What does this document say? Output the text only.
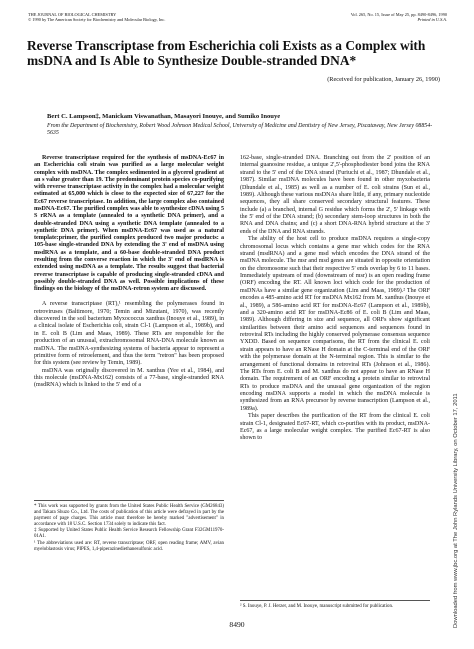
THE JOURNAL OF BIOLOGICAL CHEMISTRY
© 1990 by The American Society for Biochemistry and Molecular Biology, Inc.
Vol. 265, No. 15, Issue of May 25, pp. 8490-8496, 1990
Printed in U.S.A.
Reverse Transcriptase from Escherichia coli Exists as a Complex with msDNA and Is Able to Synthesize Double-stranded DNA*
(Received for publication, January 26, 1990)
Bert C. Lampson‡, Manickam Viswanathan, Masayori Inouye, and Sumiko Inouye
From the Department of Biochemistry, Robert Wood Johnson Medical School, University of Medicine and Dentistry of New Jersey, Piscataway, New Jersey 08854-5635

Reverse transcriptase required for the synthesis of msDNA-Ec67 in an Escherichia coli strain was purified as a large molecular weight complex with msDNA. The complex sedimented in a glycerol gradient at an s value greater than 19. The predominant protein species co-purifying with reverse transcriptase activity in the complex had a molecular weight estimated at 65,000 which is close to the expected size of 67,227 for the Ec67 reverse transcriptase. In addition, the large complex also contained msDNA-Ec67. The purified complex was able to synthesize cDNA using 5 S rRNA as a template (annealed to a synthetic DNA primer), and a double-stranded DNA using a synthetic DNA template (annealed to a synthetic DNA primer). When msDNA-Ec67 was used as a natural template:primer, the purified complex produced two major products: a 105-base single-stranded DNA by extending the 3' end of msDNA using msdRNA as a template, and a 60-base double-stranded DNA product resulting from the converse reaction in which the 3' end of msdRNA is extended using msDNA as a template. The results suggest that bacterial reverse transcriptase is capable of producing single-stranded cDNA and possibly double-stranded DNA as well. Possible implications of these findings on the biology of the msDNA-retron system are discussed.

A reverse transcriptase (RT),¹ resembling the polymerases found in retroviruses (Baltimore, 1970; Temin and Mizutani, 1970), was recently discovered in the soil bacterium Myxococcus xanthus (Inouye et al., 1989), in a clinical isolate of Escherichia coli, strain Cl-1 (Lampson et al., 1989b), and in E. coli B (Lim and Maas, 1989). These RTs are responsible for the production of an unusual, extrachromosomal RNA-DNA molecule known as msDNA. The msDNA-synthesizing systems of bacteria appear to represent a primitive form of retroelement, and thus the term "retron" has been proposed for this system (see review by Temin, 1989).

msDNA was originally discovered in M. xanthus (Yee et al., 1984), and this molecule (msDNA-Mx162) consists of a 77-base, single-stranded RNA (msdRNA) which is linked to the 5' end of a

* This work was supported by grants from the United States Public Health Service (GM26843) and Takara Shuzo Co., Ltd. The costs of publication of this article were defrayed in part by the payment of page charges. This article must therefore be hereby marked "advertisement" in accordance with 18 U.S.C. Section 1734 solely to indicate this fact.
‡ Supported by United States Public Health Service Research Fellowship Grant F32GM11970-01A1.
¹ The abbreviations used are: RT, reverse transcriptase; ORF, open reading frame; AMV, avian myeloblastosis virus; PIPES, 1,4-piperazinediethanesulfonic acid.

162-base, single-stranded DNA. Branching out from the 2' position of an internal guanosine residue, a unique 2',5'-phosphodiester bond joins the RNA strand to the 5' end of the DNA strand (Furiuchi et al., 1987; Dhundale et al., 1987). Similar msDNA molecules have been found in other myxobacteria (Dhundale et al., 1985) as well as a number of E. coli strains (Sun et al., 1989). Although these various msDNAs share little, if any, primary nucleotide sequences, they all share conserved secondary structural features. These include (a) a branched, internal G residue which forms the 2', 5' linkage with the 5' end of the DNA strand; (b) secondary stem-loop structures in both the RNA and DNA chains; and (c) a short DNA-RNA hybrid structure at the 3' ends of the DNA and RNA strands.

The ability of the host cell to produce msDNA requires a single-copy chromosomal locus which contains a gene msr which codes for the RNA strand (msdRNA) and a gene msd which encodes the DNA strand of the msDNA molecule. The msr and msd genes are situated in opposite orientation on the chromosome such that their respective 5' ends overlap by 6 to 11 bases. Immediately upstream of msd (downstream of msr) is an open reading frame (ORF) encoding the RT. All known loci which code for the production of msDNAs have a similar gene organization (Lim and Maas, 1989).² The ORF encodes a 485-amino acid RT for msDNA Mx162 from M. xanthus (Inouye et al., 1989), a 586-amino acid RT for msDNA-Ec67 (Lampson et al., 1989b), and a 320-amino acid RT for msDNA-Ec86 of E. coli B (Lim and Maas, 1989). Although differing in size and sequence, all ORFs show significant similarities between their amino acid sequences and sequences found in retroviral RTs including the highly conserved polymerase consensus sequence YXDD. Based on sequence comparisons, the RT from the clinical E. coli strain appears to have an RNase H domain at the C-terminal end of the ORF with the polymerase domain at the N-terminal region. This is similar to the arrangement of functional domains in retroviral RTs (Johnson et al., 1986). The RTs from E. coli B and M. xanthus do not appear to have an RNase H domain. The requirement of an ORF encoding a protein similar to retroviral RTs to produce msDNA and the unusual gene organization of the region encoding msDNA supports a model in which the msDNA molecule is synthesized from an RNA precursor by reverse transcription (Lampson et al., 1989a).

This paper describes the purification of the RT from the clinical E. coli strain Cl-1, designated Ec67-RT, which co-purifies with its product, msDNA-Ec67, as a large molecular weight complex. The purified Ec67-RT is also shown to

² S. Inouye, P. J. Herzer, and M. Inouye, manuscript submitted for publication.
8490	Downloaded from www.jbc.org at The John Rylands University Library, on October 17, 2011
